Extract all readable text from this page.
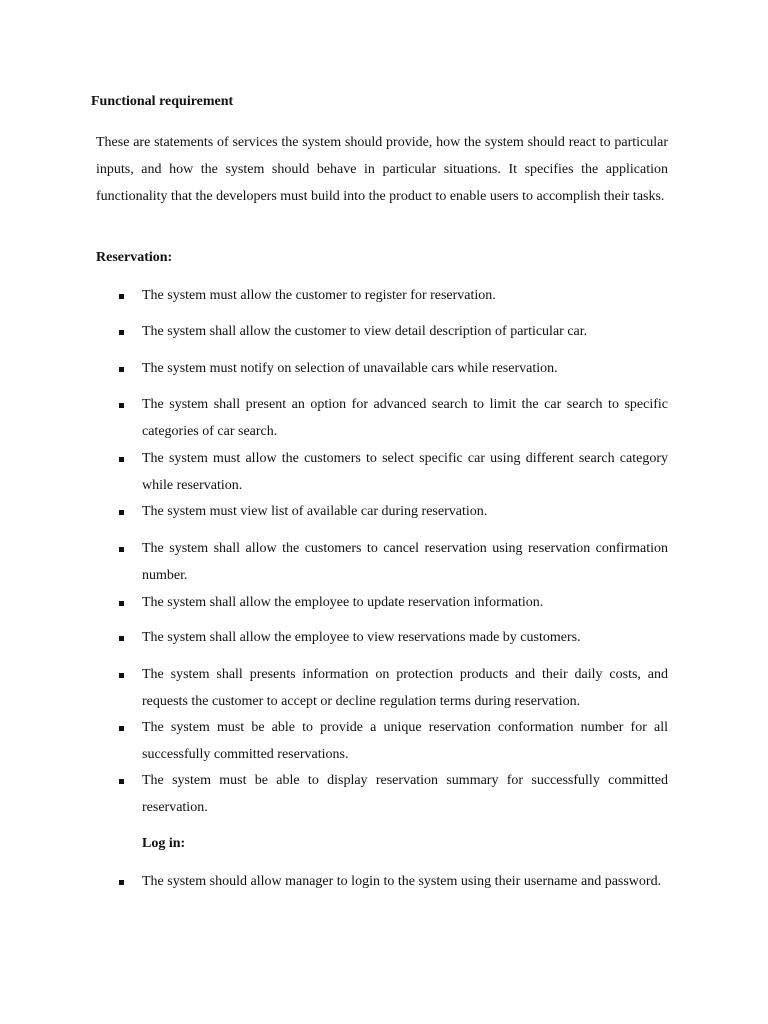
Functional requirement
These are statements of services the system should provide, how the system should react to particular inputs, and how the system should behave in particular situations. It specifies the application functionality that the developers must build into the product to enable users to accomplish their tasks.
Reservation:
The system must allow the customer to register for reservation.
The system shall allow the customer to view detail description of particular car.
The system must notify on selection of unavailable cars while reservation.
The system shall present an option for advanced search to limit the car search to specific categories of car search.
The system must allow the customers to select specific car using different search category while reservation.
The system must view list of available car during reservation.
The system shall allow the customers to cancel reservation using reservation confirmation number.
The system shall allow the employee to update reservation information.
The system shall allow the employee to view reservations made by customers.
The system shall presents information on protection products and their daily costs, and requests the customer to accept or decline regulation terms during reservation.
The system must be able to provide a unique reservation conformation number for all successfully committed reservations.
The system must be able to display reservation summary for successfully committed reservation.
Log in:
The system should allow manager to login to the system using their username and password.
